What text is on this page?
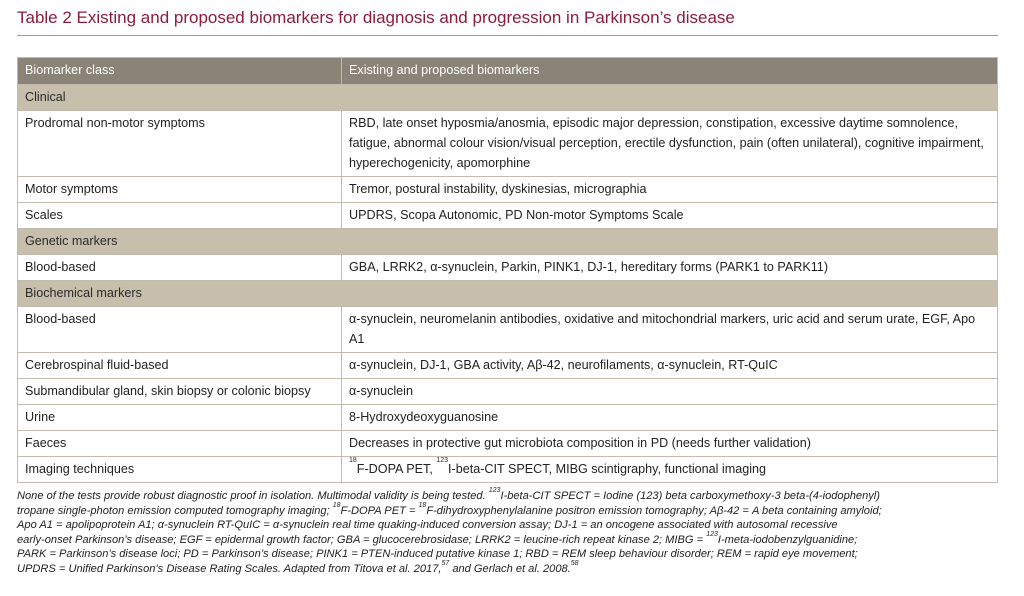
Table 2 Existing and proposed biomarkers for diagnosis and progression in Parkinson’s disease
Biomarker class	Existing and proposed biomarkers
Clinical	
Prodromal non-motor symptoms	RBD, late onset hyposmia/anosmia, episodic major depression, constipation, excessive daytime somnolence, fatigue, abnormal colour vision/visual perception, erectile dysfunction, pain (often unilateral), cognitive impairment, hyperechogenicity, apomorphine
Motor symptoms	Tremor, postural instability, dyskinesias, micrographia
Scales	UPDRS, Scopa Autonomic, PD Non-motor Symptoms Scale
Genetic markers	
Blood-based	GBA, LRRK2, α-synuclein, Parkin, PINK1, DJ-1, hereditary forms (PARK1 to PARK11)
Biochemical markers	
Blood-based	α-synuclein, neuromelanin antibodies, oxidative and mitochondrial markers, uric acid and serum urate, EGF, Apo A1
Cerebrospinal fluid-based	α-synuclein, DJ-1, GBA activity, Aβ-42, neurofilaments, α-synuclein, RT-QuIC
Submandibular gland, skin biopsy or colonic biopsy	α-synuclein
Urine	8-Hydroxydeoxyguanosine
Faeces	Decreases in protective gut microbiota composition in PD (needs further validation)
Imaging techniques	$^{18}$F-DOPA PET, $^{123}$I-beta-CIT SPECT, MIBG scintigraphy, functional imaging

None of the tests provide robust diagnostic proof in isolation. Multimodal validity is being tested. $^{123}$I-beta-CIT SPECT = Iodine (123) beta carboxymethoxy-3 beta-(4-iodophenyl)

tropane single-photon emission computed tomography imaging; $^{18}$F-DOPA PET = $^{18}$F-dihydroxyphenylalanine positron emission tomography; Aβ-42 = A beta containing amyloid;

Apo A1 = apolipoprotein A1; α-synuclein RT-QuIC = α-synuclein real time quaking-induced conversion assay; DJ-1 = an oncogene associated with autosomal recessive

early-onset Parkinson’s disease; EGF = epidermal growth factor; GBA = glucocerebrosidase; LRRK2 = leucine-rich repeat kinase 2; MIBG = $^{123}$I-meta-iodobenzylguanidine;

PARK = Parkinson’s disease loci; PD = Parkinson’s disease; PINK1 = PTEN-induced putative kinase 1; RBD = REM sleep behaviour disorder; REM = rapid eye movement;

UPDRS = Unified Parkinson’s Disease Rating Scales. Adapted from Titova et al. 2017,57 and Gerlach et al. 2008.58
